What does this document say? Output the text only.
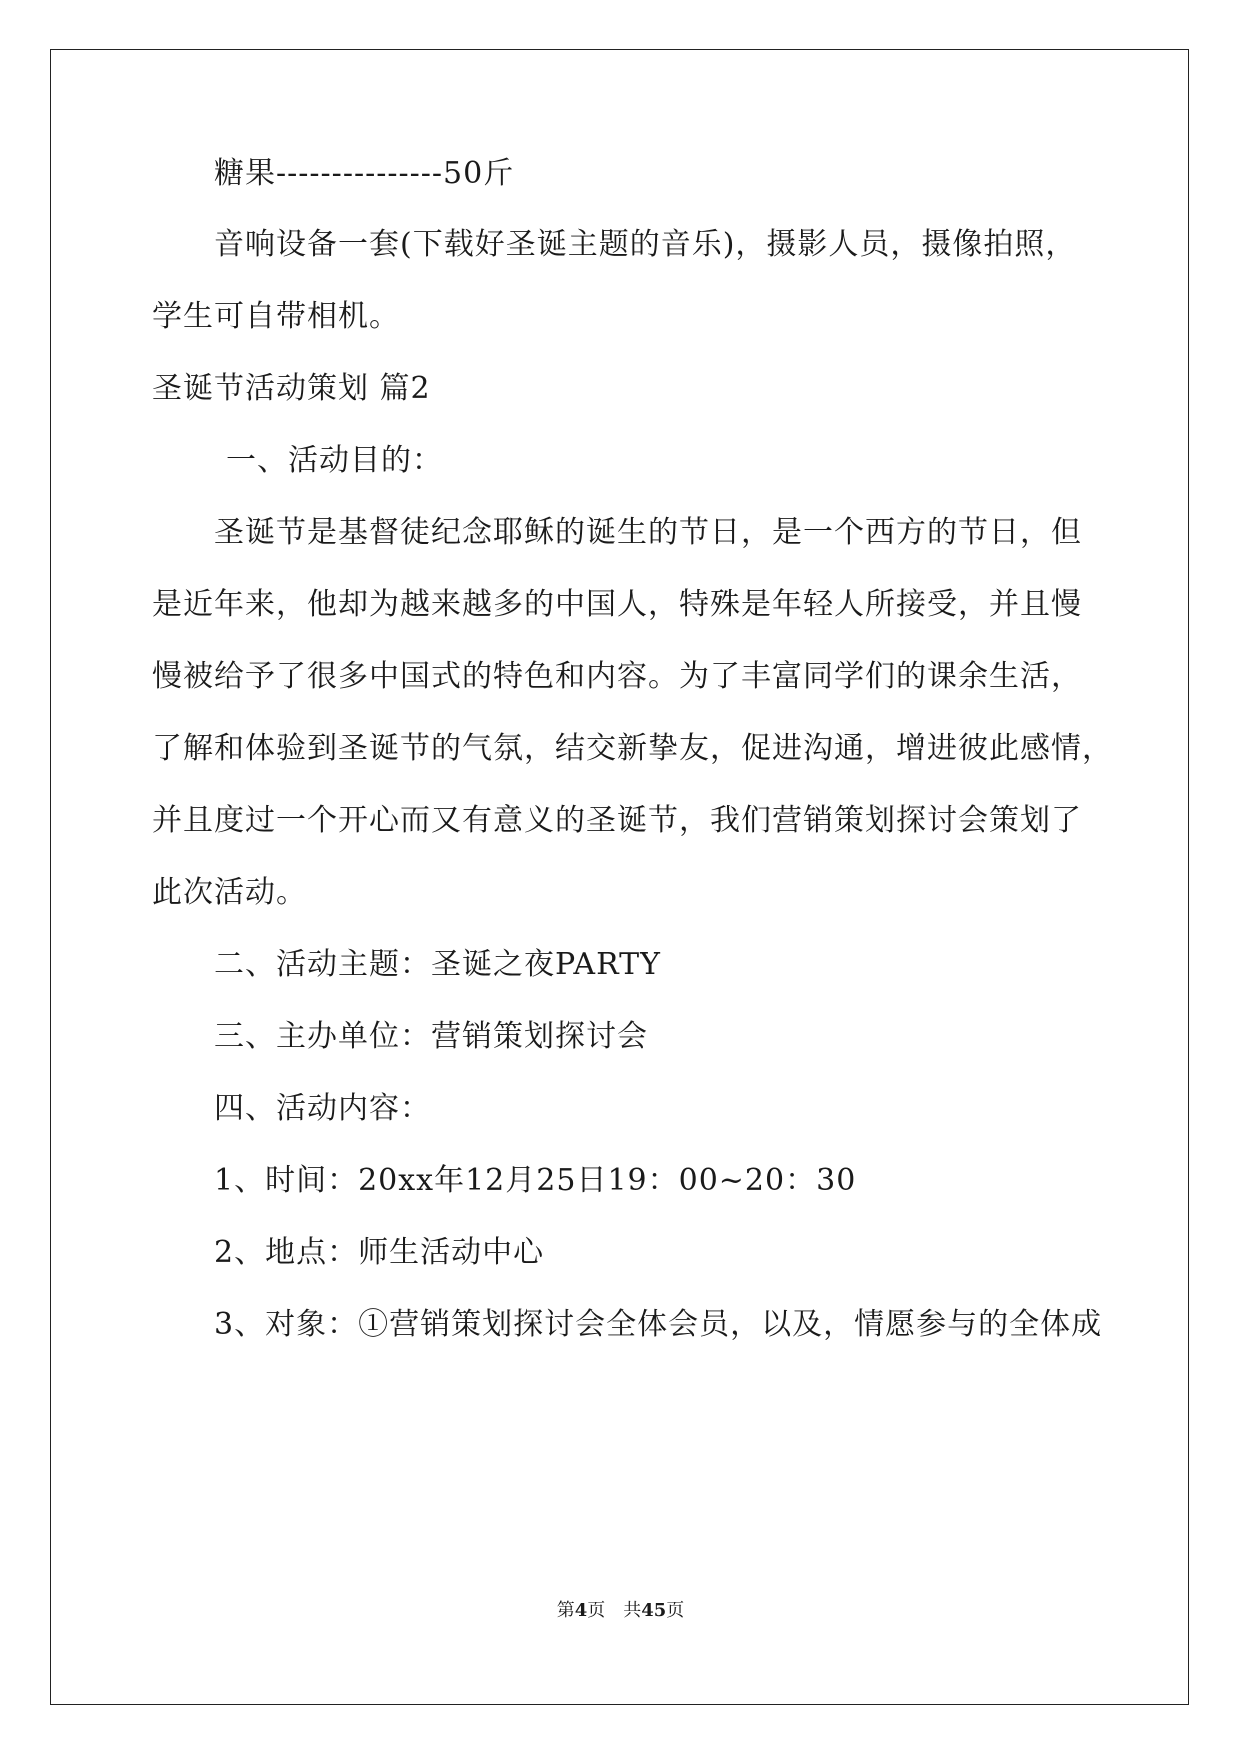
糖果---------------50斤
音响设备一套(下载好圣诞主题的音乐)，摄影人员，摄像拍照，
学生可自带相机。
圣诞节活动策划 篇2
一、活动目的：
圣诞节是基督徒纪念耶稣的诞生的节日，是一个西方的节日，但
是近年来，他却为越来越多的中国人，特殊是年轻人所接受，并且慢
慢被给予了很多中国式的特色和内容。为了丰富同学们的课余生活，
了解和体验到圣诞节的气氛，结交新挚友，促进沟通，增进彼此感情，
并且度过一个开心而又有意义的圣诞节，我们营销策划探讨会策划了
此次活动。
二、活动主题：圣诞之夜PARTY
三、主办单位：营销策划探讨会
四、活动内容：
1、时间：20xx年12月25日19：00~20：30
2、地点：师生活动中心
3、对象：①营销策划探讨会全体会员，以及，情愿参与的全体成
第4页　共45页
